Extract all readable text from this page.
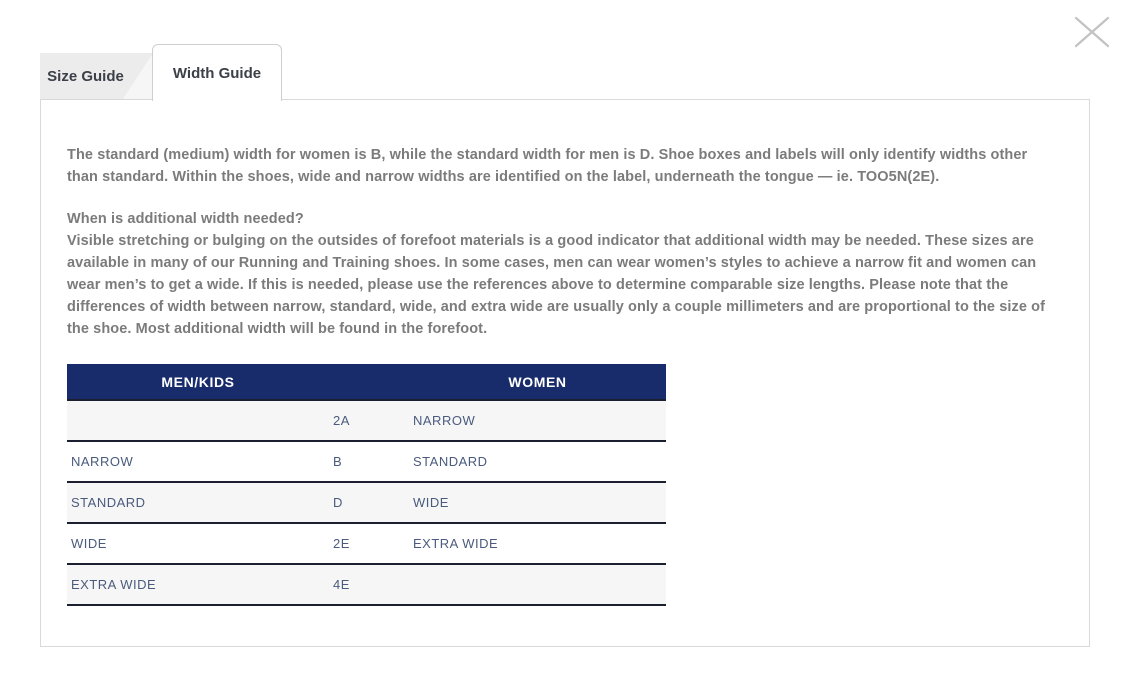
Size Guide	Width Guide

The standard (medium) width for women is B, while the standard width for men is D. Shoe boxes and labels will only identify widths other than standard. Within the shoes, wide and narrow widths are identified on the label, underneath the tongue — ie. TOO5N(2E).

When is additional width needed?
Visible stretching or bulging on the outsides of forefoot materials is a good indicator that additional width may be needed. These sizes are available in many of our Running and Training shoes. In some cases, men can wear women’s styles to achieve a narrow fit and women can wear men’s to get a wide. If this is needed, please use the references above to determine comparable size lengths. Please note that the differences of width between narrow, standard, wide, and extra wide are usually only a couple millimeters and are proportional to the size of the shoe. Most additional width will be found in the forefoot.

MEN/KIDS		WOMEN
	2A	NARROW
NARROW	B	STANDARD
STANDARD	D	WIDE
WIDE	2E	EXTRA WIDE
EXTRA WIDE	4E	
